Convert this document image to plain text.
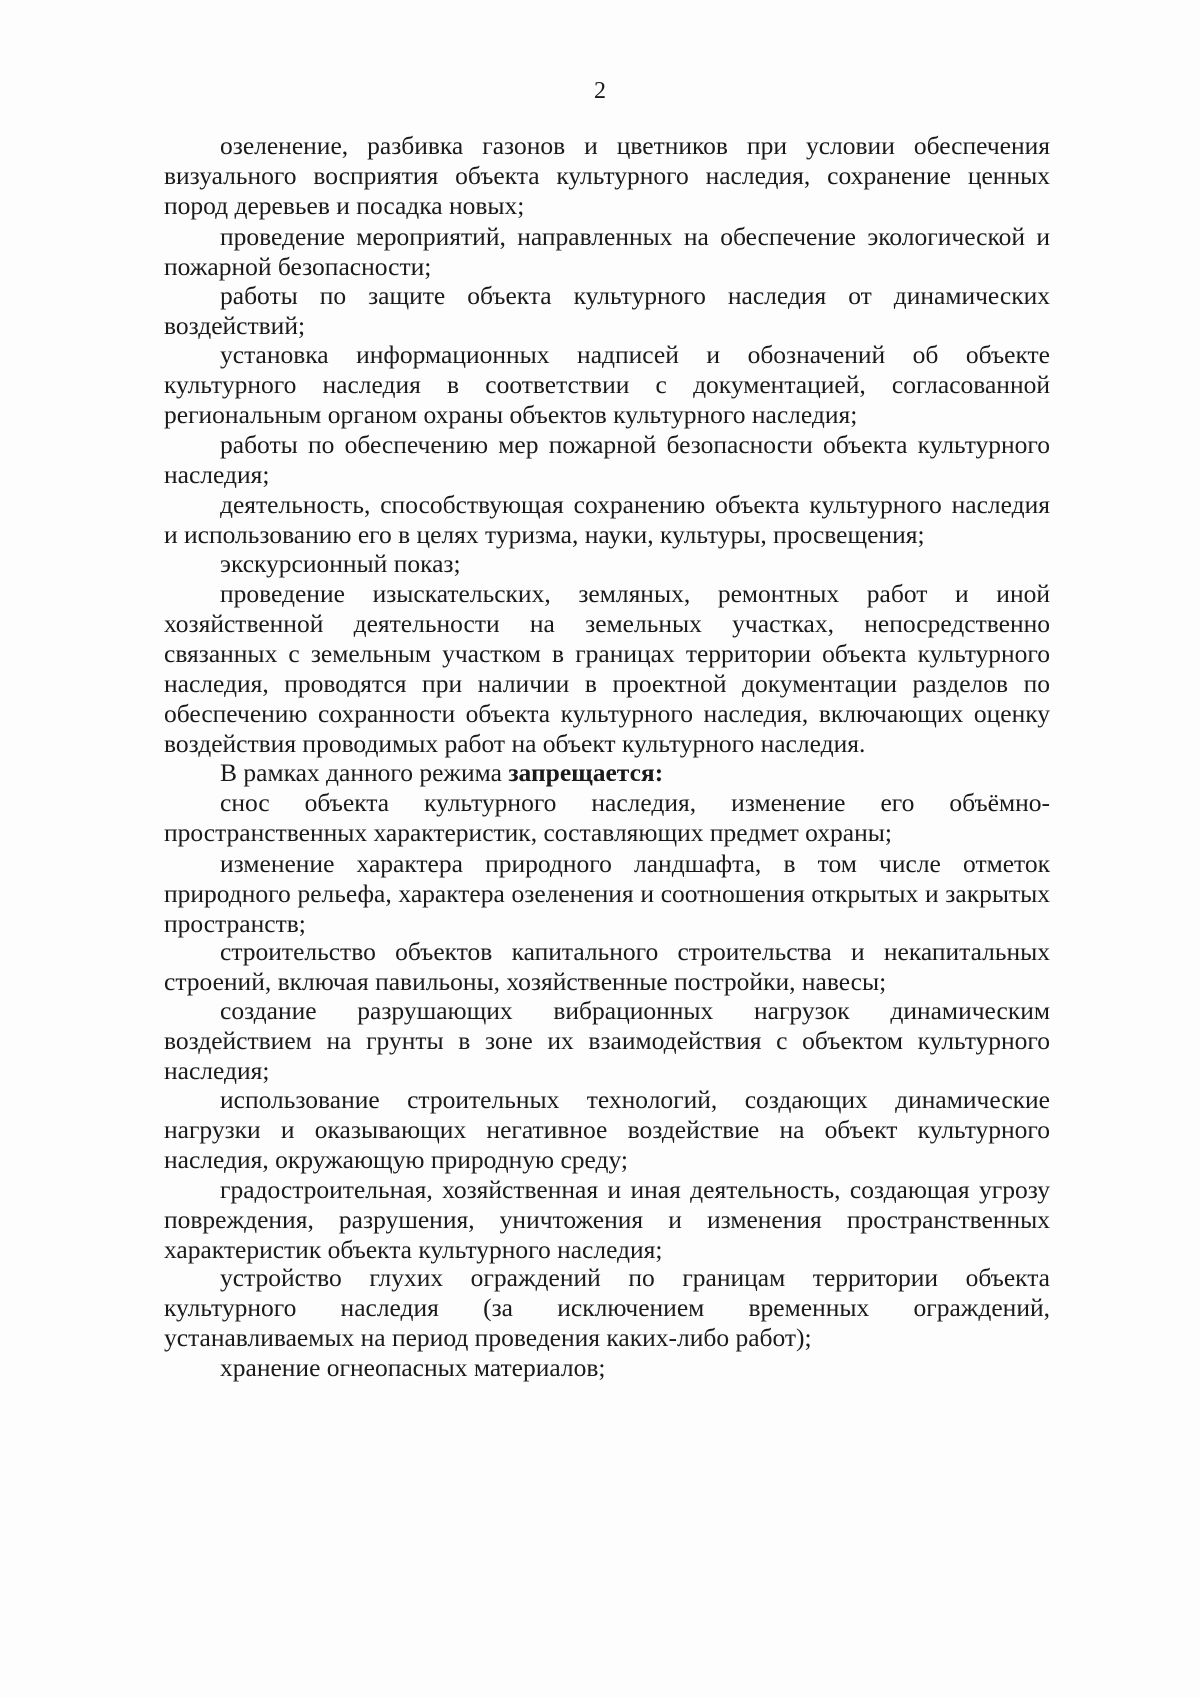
2

озеленение, разбивка газонов и цветников при условии обеспечения визуального восприятия объекта культурного наследия, сохранение ценных пород деревьев и посадка новых;

проведение мероприятий, направленных на обеспечение экологической и пожарной безопасности;

работы по защите объекта культурного наследия от динамических воздействий;

установка информационных надписей и обозначений об объекте культурного наследия в соответствии с документацией, согласованной региональным органом охраны объектов культурного наследия;

работы по обеспечению мер пожарной безопасности объекта культурного наследия;

деятельность, способствующая сохранению объекта культурного наследия и использованию его в целях туризма, науки, культуры, просвещения;

экскурсионный показ;

проведение изыскательских, земляных, ремонтных работ и иной хозяйственной деятельности на земельных участках, непосредственно связанных с земельным участком в границах территории объекта культурного наследия, проводятся при наличии в проектной документации разделов по обеспечению сохранности объекта культурного наследия, включающих оценку воздействия проводимых работ на объект культурного наследия.

В рамках данного режима запрещается:

снос объекта культурного наследия, изменение его объёмно-пространственных характеристик, составляющих предмет охраны;

изменение характера природного ландшафта, в том числе отметок природного рельефа, характера озеленения и соотношения открытых и закрытых пространств;

строительство объектов капитального строительства и некапитальных строений, включая павильоны, хозяйственные постройки, навесы;

создание разрушающих вибрационных нагрузок динамическим воздействием на грунты в зоне их взаимодействия с объектом культурного наследия;

использование строительных технологий, создающих динамические нагрузки и оказывающих негативное воздействие на объект культурного наследия, окружающую природную среду;

градостроительная, хозяйственная и иная деятельность, создающая угрозу повреждения, разрушения, уничтожения и изменения пространственных характеристик объекта культурного наследия;

устройство глухих ограждений по границам территории объекта культурного наследия (за исключением временных ограждений, устанавливаемых на период проведения каких-либо работ);

хранение огнеопасных материалов;
